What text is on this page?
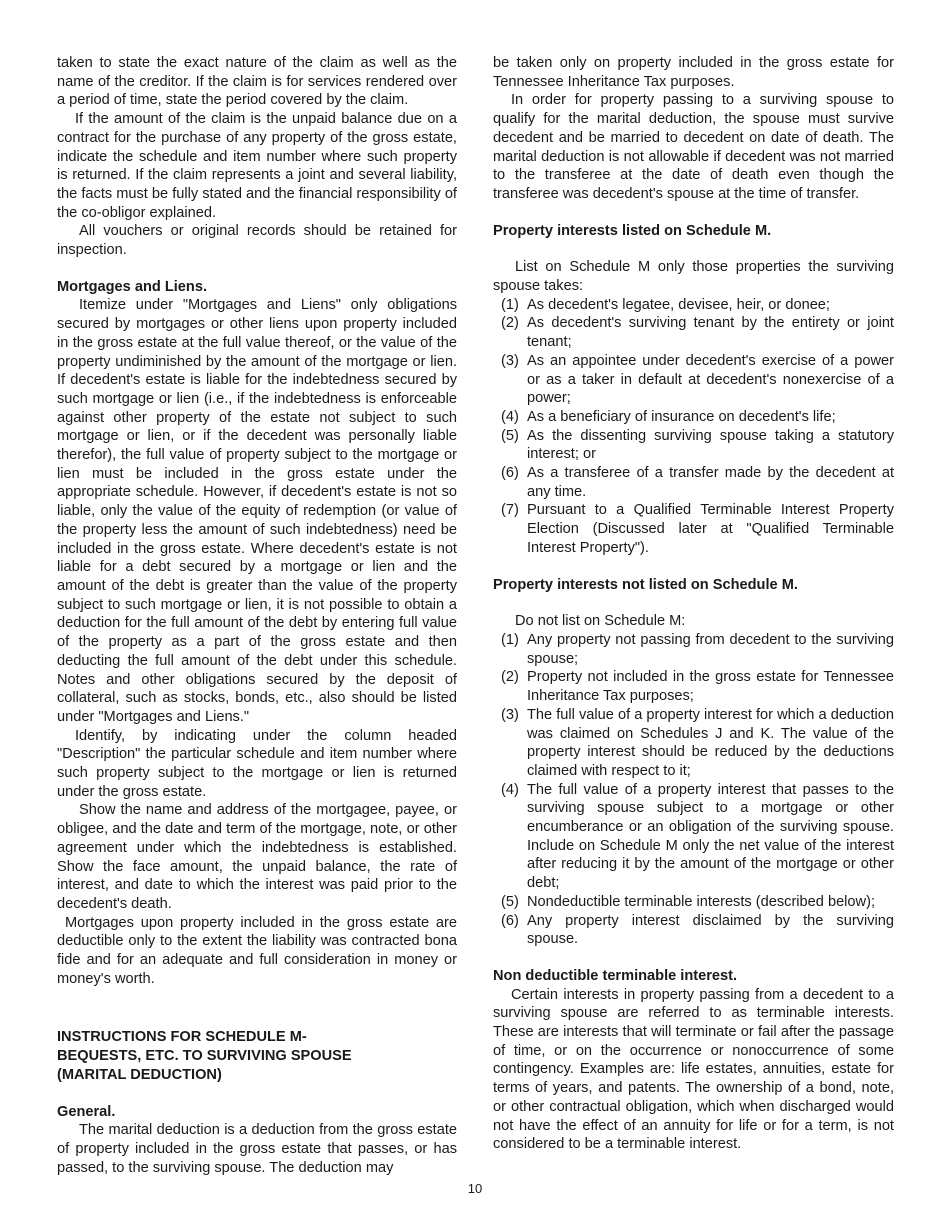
taken to state the exact nature of the claim as well as the name of the creditor. If the claim is for services rendered over a period of time, state the period covered by the claim.

If the amount of the claim is the unpaid balance due on a contract for the purchase of any property of the gross estate, indicate the schedule and item number where such property is returned. If the claim represents a joint and several liability, the facts must be fully stated and the financial responsibility of the co-obligor explained.

All vouchers or original records should be retained for inspection.

Mortgages and Liens.

Itemize under "Mortgages and Liens" only obligations secured by mortgages or other liens upon property included in the gross estate at the full value thereof, or the value of the property undiminished by the amount of the mortgage or lien. If decedent's estate is liable for the indebtedness secured by such mortgage or lien (i.e., if the indebtedness is enforceable against other property of the estate not subject to such mortgage or lien, or if the decedent was personally liable therefor), the full value of property subject to the mortgage or lien must be included in the gross estate under the appropriate schedule. However, if decedent's estate is not so liable, only the value of the equity of redemption (or value of the property less the amount of such indebtedness) need be included in the gross estate. Where decedent's estate is not liable for a debt secured by a mortgage or lien and the amount of the debt is greater than the value of the property subject to such mortgage or lien, it is not possible to obtain a deduction for the full amount of the debt by entering full value of the property as a part of the gross estate and then deducting the full amount of the debt under this schedule. Notes and other obligations secured by the deposit of collateral, such as stocks, bonds, etc., also should be listed under "Mortgages and Liens."

Identify, by indicating under the column headed "Description" the particular schedule and item number where such property subject to the mortgage or lien is returned under the gross estate.

Show the name and address of the mortgagee, payee, or obligee, and the date and term of the mortgage, note, or other agreement under which the indebtedness is established. Show the face amount, the unpaid balance, the rate of interest, and date to which the interest was paid prior to the decedent's death.

Mortgages upon property included in the gross estate are deductible only to the extent the liability was contracted bona fide and for an adequate and full consideration in money or money's worth.

INSTRUCTIONS FOR SCHEDULE M-
BEQUESTS, ETC. TO SURVIVING SPOUSE
(MARITAL DEDUCTION)
General.

The marital deduction is a deduction from the gross estate of property included in the gross estate that passes, or has passed, to the surviving spouse. The deduction may

be taken only on property included in the gross estate for Tennessee Inheritance Tax purposes.

In order for property passing to a surviving spouse to qualify for the marital deduction, the spouse must survive decedent and be married to decedent on date of death. The marital deduction is not allowable if decedent was not married to the transferee at the date of death even though the transferee was decedent's spouse at the time of transfer.

Property interests listed on Schedule M.

List on Schedule M only those properties the surviving spouse takes:

(1) As decedent's legatee, devisee, heir, or donee;
(2) As decedent's surviving tenant by the entirety or joint tenant;
(3) As an appointee under decedent's exercise of a power or as a taker in default at decedent's nonexercise of a power;
(4) As a beneficiary of insurance on decedent's life;
(5) As the dissenting surviving spouse taking a statutory interest; or
(6) As a transferee of a transfer made by the decedent at any time.
(7) Pursuant to a Qualified Terminable Interest Property Election (Discussed later at "Qualified Terminable Interest Property").
Property interests not listed on Schedule M.

Do not list on Schedule M:

(1) Any property not passing from decedent to the surviving spouse;
(2) Property not included in the gross estate for Tennessee Inheritance Tax purposes;
(3) The full value of a property interest for which a deduction was claimed on Schedules J and K. The value of the property interest should be reduced by the deductions claimed with respect to it;
(4) The full value of a property interest that passes to the surviving spouse subject to a mortgage or other encumberance or an obligation of the surviving spouse. Include on Schedule M only the net value of the interest after reducing it by the amount of the mortgage or other debt;
(5) Nondeductible terminable interests (described below);
(6) Any property interest disclaimed by the surviving spouse.
Non deductible terminable interest.

Certain interests in property passing from a decedent to a surviving spouse are referred to as terminable interests. These are interests that will terminate or fail after the passage of time, or on the occurrence or nonoccurrence of some contingency. Examples are: life estates, annuities, estate for terms of years, and patents. The ownership of a bond, note, or other contractual obligation, which when discharged would not have the effect of an annuity for life or for a term, is not considered to be a terminable interest.

10
